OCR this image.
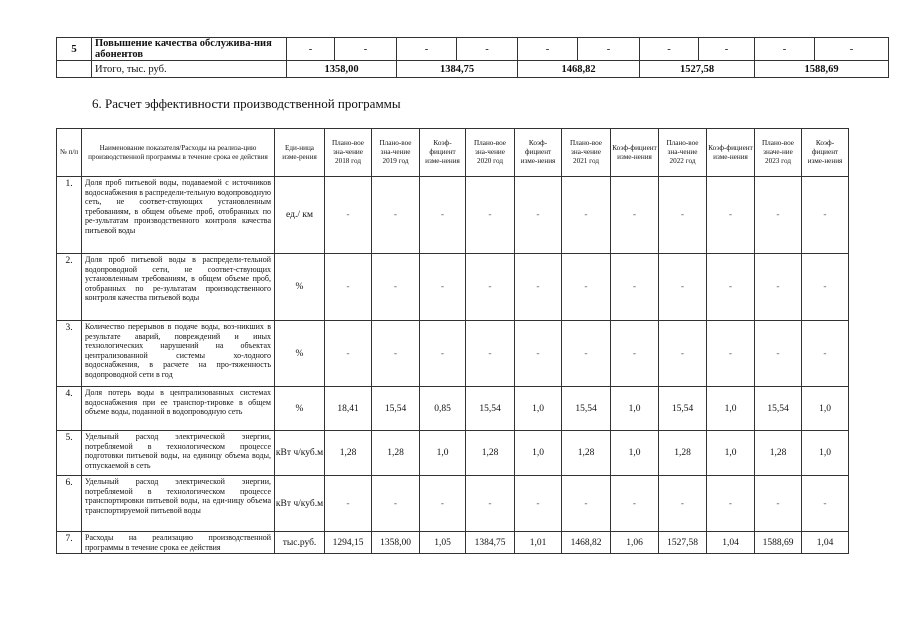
5	Повышение качества обслужива-ния абонентов	-	-	-	-	-	-	-	-	-	-
	Итого, тыс. руб.	1358,00		1384,75		1468,82		1527,58		1588,69	
6. Расчет эффективности производственной программы
№ п/п	Наименование показателя/Расходы на реализа-цию производственной программы в течение срока ее действия	Еди-ница изме-рения	Плано-вое зна-чение 2018 год	Плано-вое зна-чение 2019 год	Коэф-фициент изме-нения	Плано-вое зна-чение 2020 год	Коэф-фициент изме-нения	Плано-вое зна-чение 2021 год	Коэф-фициент изме-нения	Плано-вое зна-чение 2022 год	Коэф-фициент изме-нения	Плано-вое значе-ние 2023 год	Коэф-фициент изме-нения
1.	Доля проб питьевой воды, подаваемой с источников водоснабжения в распредели-тельную водопроводную сеть, не соответ-ствующих установленным требованиям, в общем объеме проб, отобранных по ре-зультатам производственного контроля качества питьевой воды	ед./ км	-	-	-	-	-	-	-	-	-	-	-
2.	Доля проб питьевой воды в распредели-тельной водопроводной сети, не соответ-ствующих установленным требованиям, в общем объеме проб, отобранных по ре-зультатам производственного контроля качества питьевой воды	%	-	-	-	-	-	-	-	-	-	-	-
3.	Количество перерывов в подаче воды, воз-никших в результате аварий, повреждений и иных технологических нарушений на объектах централизованной системы хо-лодного водоснабжения, в расчете на про-тяженность водопроводной сети в год	%	-	-	-	-	-	-	-	-	-	-	-
4.	Доля потерь воды в централизованных системах водоснабжения при ее транспор-тировке в общем объеме воды, поданной в водопроводную сеть	%	18,41	15,54	0,85	15,54	1,0	15,54	1,0	15,54	1,0	15,54	1,0
5.	Удельный расход электрической энергии, потребляемой в технологическом процессе подготовки питьевой воды, на единицу объема воды, отпускаемой в сеть	кВт ч/куб.м	1,28	1,28	1,0	1,28	1,0	1,28	1,0	1,28	1,0	1,28	1,0
6.	Удельный расход электрической энергии, потребляемой в технологическом процессе транспортировки питьевой воды, на еди-ницу объема транспортируемой питьевой воды	кВт ч/куб.м	-	-	-	-	-	-	-	-	-	-	-
7.	Расходы на реализацию производственной программы в течение срока ее действия	тыс.руб.	1294,15	1358,00	1,05	1384,75	1,01	1468,82	1,06	1527,58	1,04	1588,69	1,04
